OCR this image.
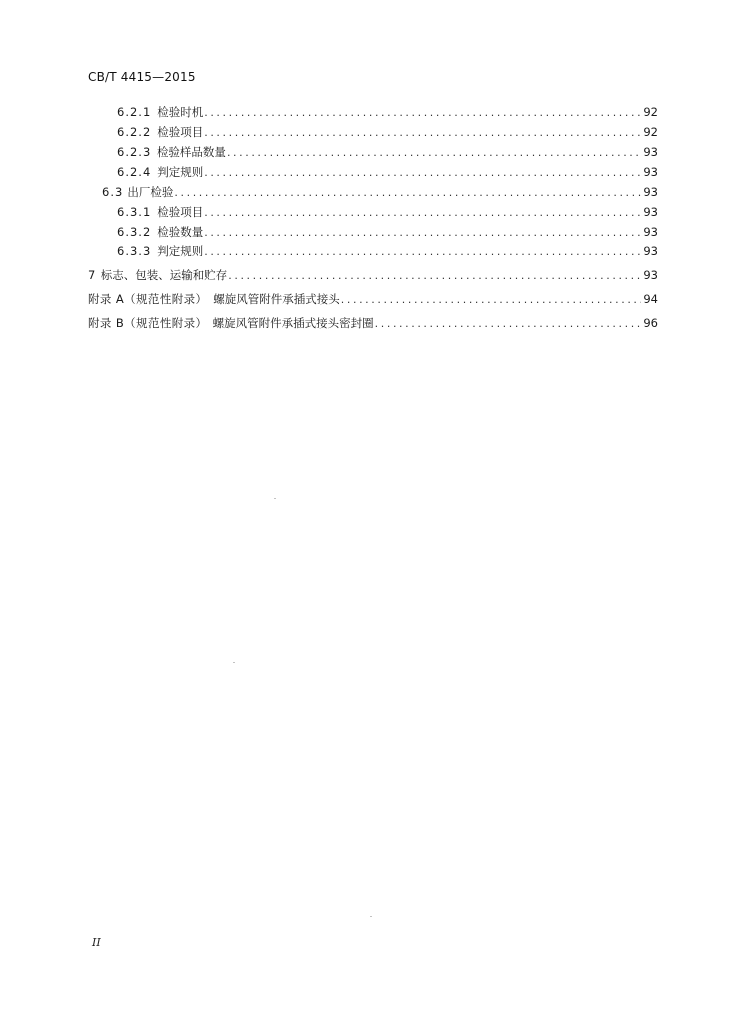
CB/T 4415—2015
6.2.1 检验时机 .....	92
6.2.2 检验项目 .....	92
6.2.3 检验样品数量 .....	93
6.2.4 判定规则 .....	93
6.3 出厂检验 .....	93
6.3.1 检验项目 .....	93
6.3.2 检验数量 .....	93
6.3.3 判定规则 .....	93
7 标志、包装、运输和贮存 .....	93
附录 A（规范性附录） 螺旋风管附件承插式接头 .....	94
附录 B（规范性附录） 螺旋风管附件承插式接头密封圈 .....	96
II
